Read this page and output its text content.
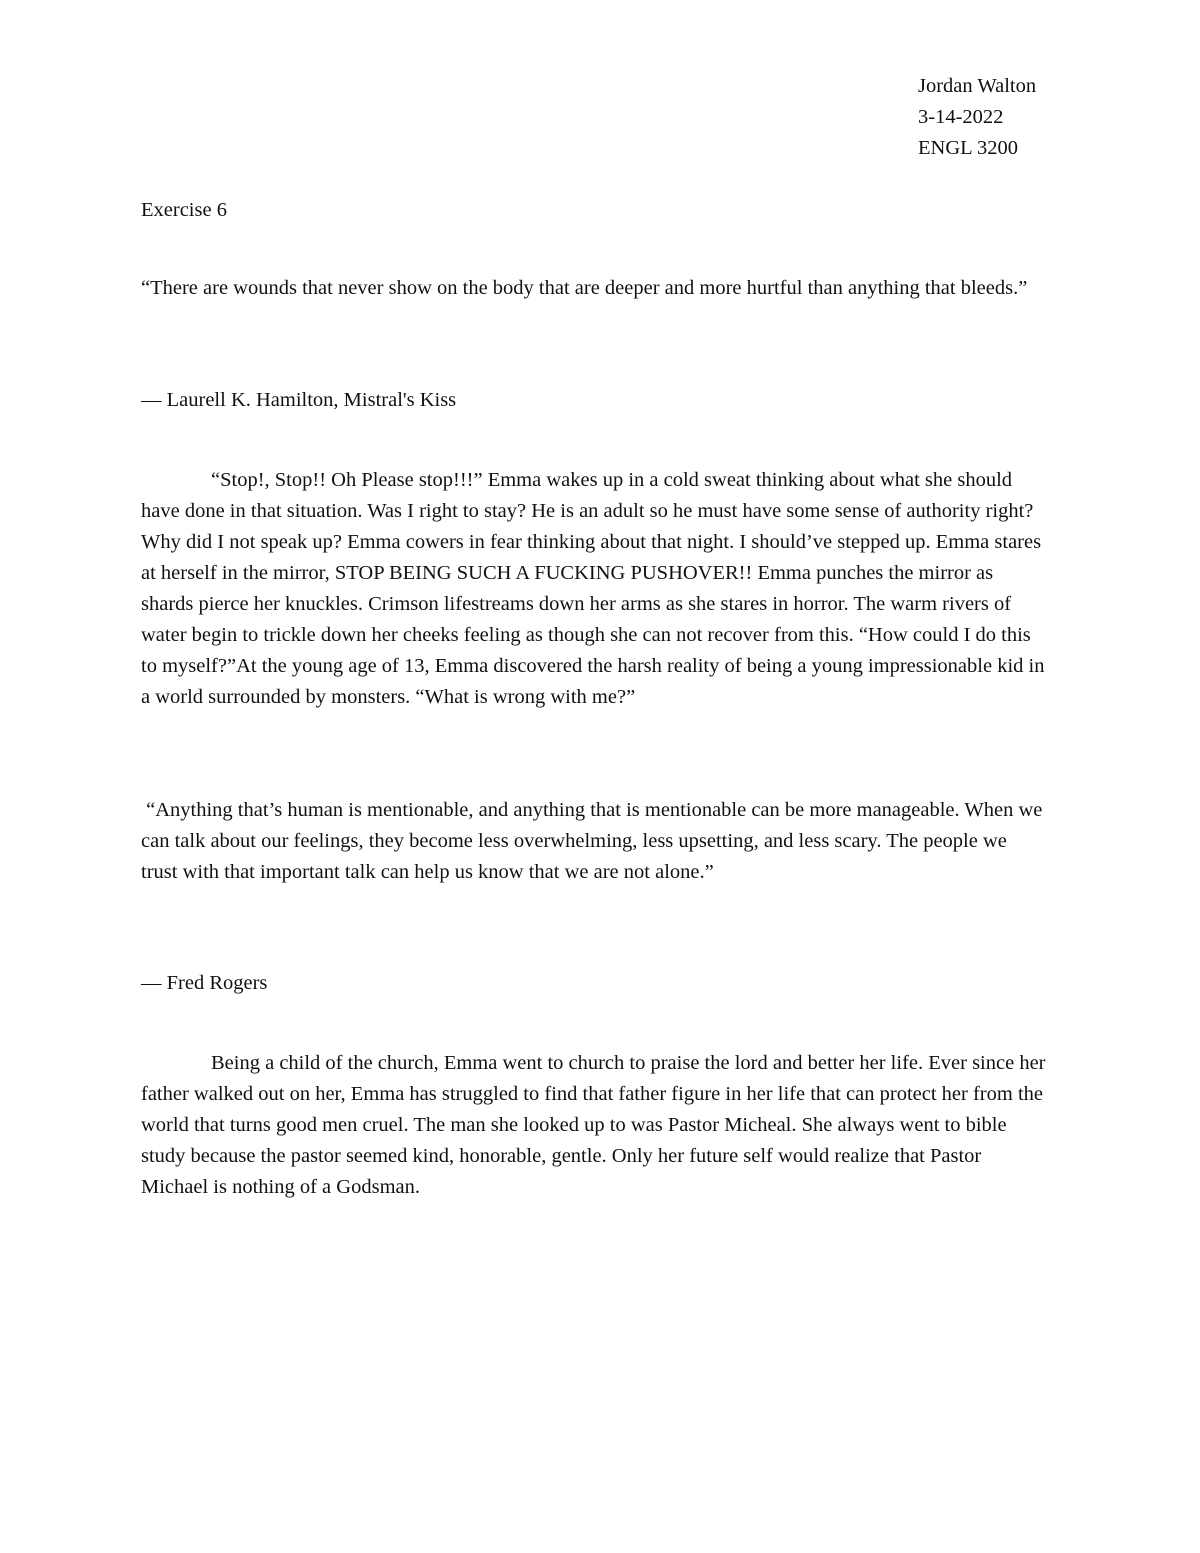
Jordan Walton
3-14-2022
ENGL 3200

Exercise 6

“There are wounds that never show on the body that are deeper and more hurtful than anything that bleeds.”

― Laurell K. Hamilton, Mistral's Kiss

“Stop!, Stop!! Oh Please stop!!!” Emma wakes up in a cold sweat thinking about what she should have done in that situation. Was I right to stay? He is an adult so he must have some sense of authority right? Why did I not speak up? Emma cowers in fear thinking about that night. I should’ve stepped up. Emma stares at herself in the mirror, STOP BEING SUCH A FUCKING PUSHOVER!! Emma punches the mirror as shards pierce her knuckles. Crimson lifestreams down her arms as she stares in horror. The warm rivers of water begin to trickle down her cheeks feeling as though she can not recover from this. “How could I do this to myself?”At the young age of 13, Emma discovered the harsh reality of being a young impressionable kid in a world surrounded by monsters. “What is wrong with me?”

“Anything that’s human is mentionable, and anything that is mentionable can be more manageable. When we can talk about our feelings, they become less overwhelming, less upsetting, and less scary. The people we trust with that important talk can help us know that we are not alone.”

― Fred Rogers

Being a child of the church, Emma went to church to praise the lord and better her life. Ever since her father walked out on her, Emma has struggled to find that father figure in her life that can protect her from the world that turns good men cruel. The man she looked up to was Pastor Micheal. She always went to bible study because the pastor seemed kind, honorable, gentle. Only her future self would realize that Pastor Michael is nothing of a Godsman.
